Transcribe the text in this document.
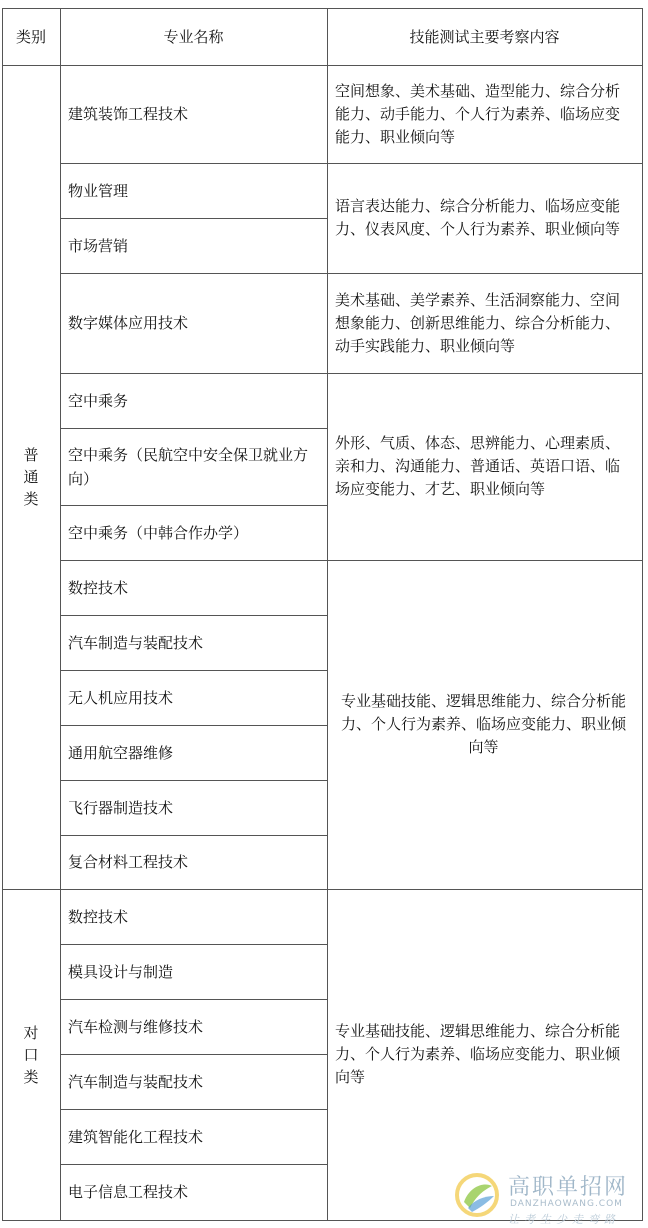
类别	专业名称	技能测试主要考察内容
普
通
类
对
口
类
建筑装饰工程技术
物业管理
市场营销
数字媒体应用技术
空中乘务
空中乘务（民航空中安全保卫就业方向）
空中乘务（中韩合作办学）
数控技术
汽车制造与装配技术
无人机应用技术
通用航空器维修
飞行器制造技术
复合材料工程技术
数控技术
模具设计与制造
汽车检测与维修技术
汽车制造与装配技术
建筑智能化工程技术
电子信息工程技术
空间想象、美术基础、造型能力、综合分析能力、动手能力、个人行为素养、临场应变能力、职业倾向等
语言表达能力、综合分析能力、临场应变能力、仪表风度、个人行为素养、职业倾向等
美术基础、美学素养、生活洞察能力、空间想象能力、创新思维能力、综合分析能力、动手实践能力、职业倾向等
外形、气质、体态、思辨能力、心理素质、亲和力、沟通能力、普通话、英语口语、临场应变能力、才艺、职业倾向等
专业基础技能、逻辑思维能力、综合分析能力、个人行为素养、临场应变能力、职业倾向等
专业基础技能、逻辑思维能力、综合分析能力、个人行为素养、临场应变能力、职业倾向等
高职单招网
DANZHAOWANG.COM
让考生少走弯路
